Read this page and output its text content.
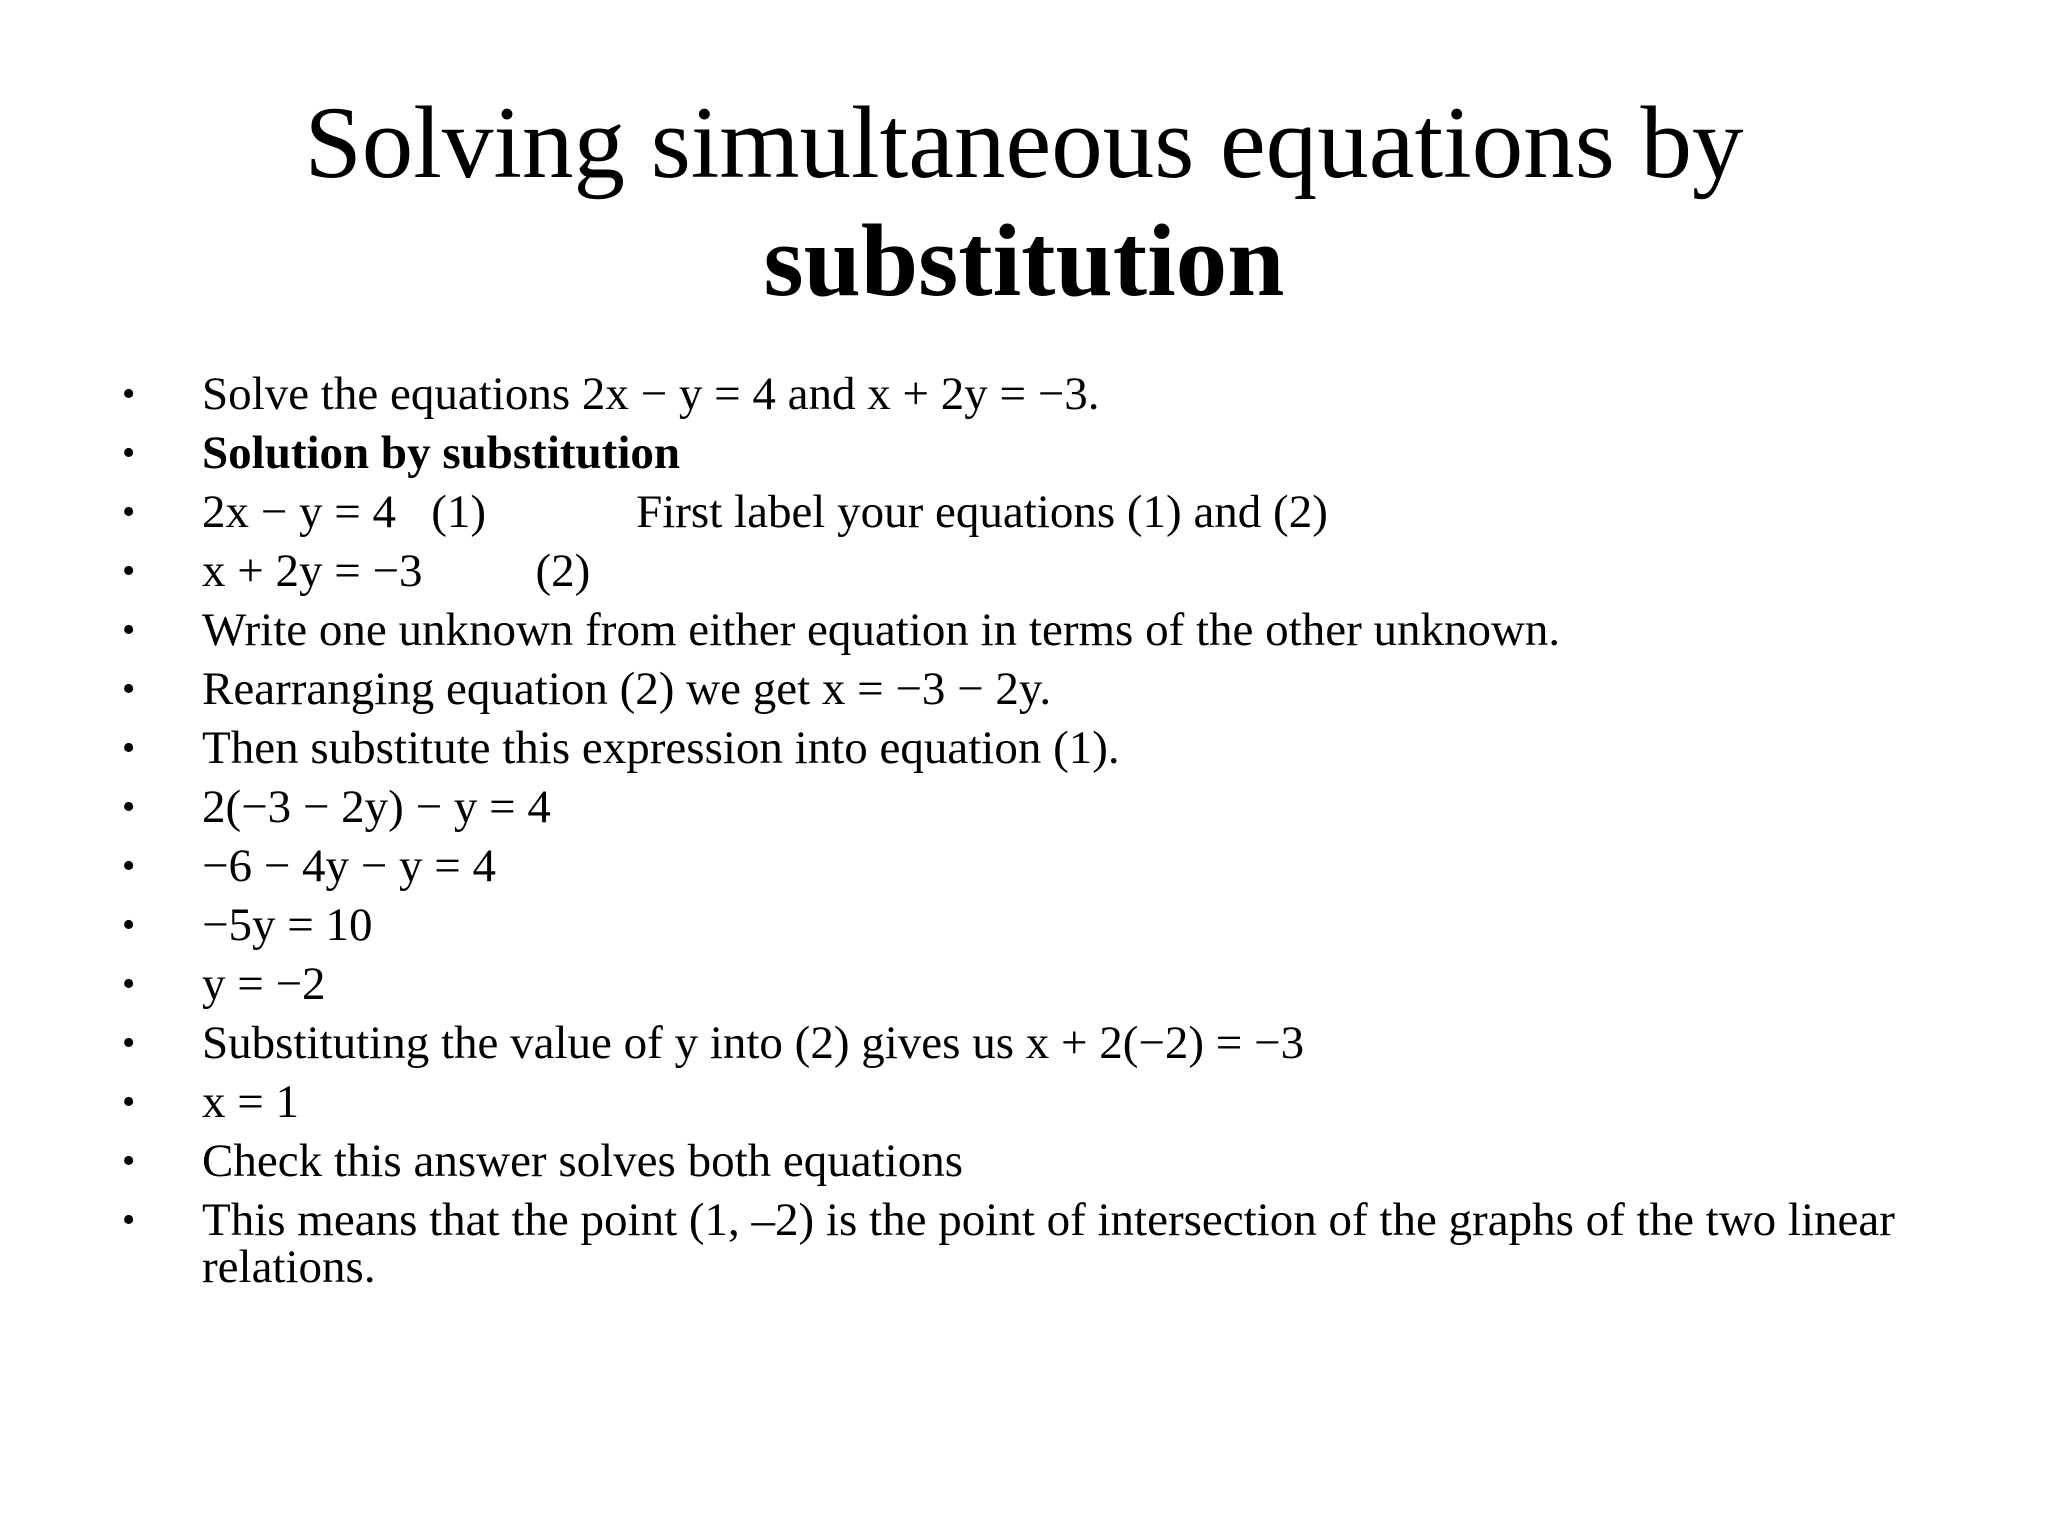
Solving simultaneous equations by
substitution
• Solve the equations 2x − y = 4 and x + 2y = −3.
• Solution by substitution
• 2x − y = 4 (1)	First label your equations (1) and (2)
• x + 2y = −3 (2)
• Write one unknown from either equation in terms of the other unknown.
• Rearranging equation (2) we get x = −3 − 2y.
• Then substitute this expression into equation (1).
• 2(−3 − 2y) − y = 4
• −6 − 4y − y = 4
• −5y = 10
• y = −2
• Substituting the value of y into (2) gives us x + 2(−2) = −3
• x = 1
• Check this answer solves both equations
• This means that the point (1, –2) is the point of intersection of the graphs of the two linear relations.
